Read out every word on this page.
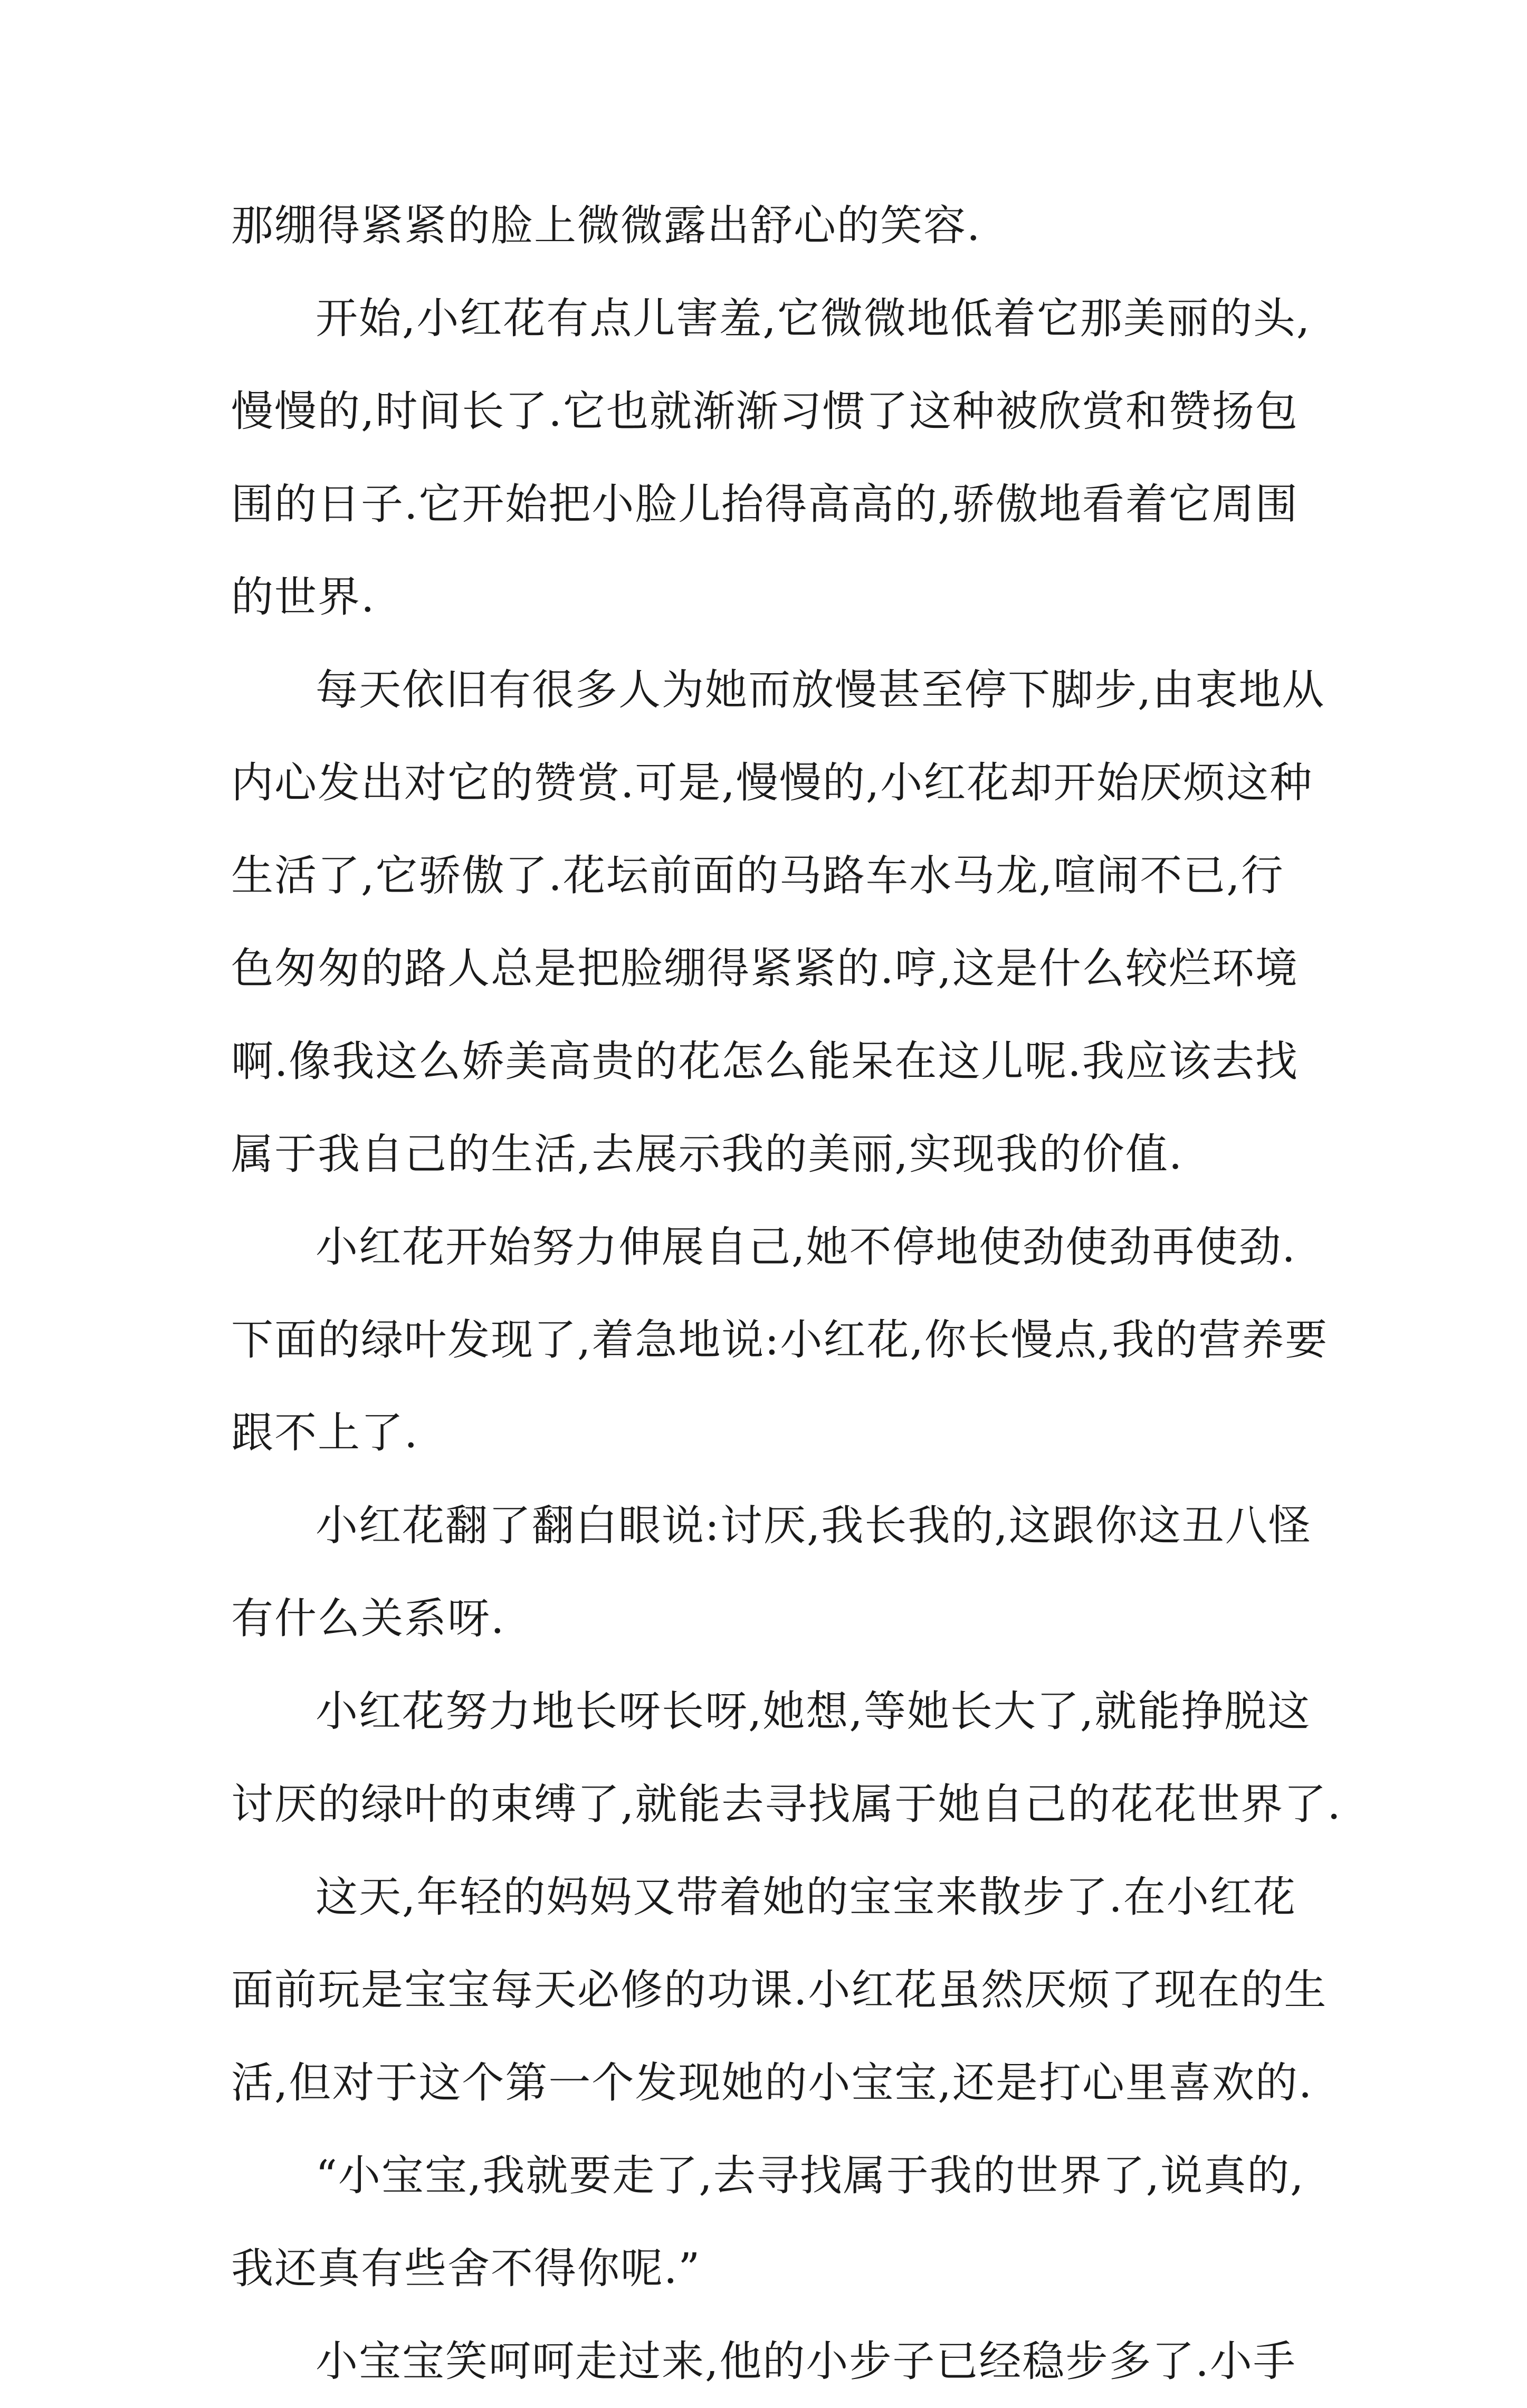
那绷得紧紧的脸上微微露出舒心的笑容.
开始,小红花有点儿害羞,它微微地低着它那美丽的头,
慢慢的,时间长了.它也就渐渐习惯了这种被欣赏和赞扬包
围的日子.它开始把小脸儿抬得高高的,骄傲地看着它周围
的世界.
每天依旧有很多人为她而放慢甚至停下脚步,由衷地从
内心发出对它的赞赏.可是,慢慢的,小红花却开始厌烦这种
生活了,它骄傲了.花坛前面的马路车水马龙,喧闹不已,行
色匆匆的路人总是把脸绷得紧紧的.哼,这是什么较烂环境
啊.像我这么娇美高贵的花怎么能呆在这儿呢.我应该去找
属于我自己的生活,去展示我的美丽,实现我的价值.
小红花开始努力伸展自己,她不停地使劲使劲再使劲.
下面的绿叶发现了,着急地说:小红花,你长慢点,我的营养要
跟不上了.
小红花翻了翻白眼说:讨厌,我长我的,这跟你这丑八怪
有什么关系呀.
小红花努力地长呀长呀,她想,等她长大了,就能挣脱这
讨厌的绿叶的束缚了,就能去寻找属于她自己的花花世界了.
这天,年轻的妈妈又带着她的宝宝来散步了.在小红花
面前玩是宝宝每天必修的功课.小红花虽然厌烦了现在的生
活,但对于这个第一个发现她的小宝宝,还是打心里喜欢的.
“小宝宝,我就要走了,去寻找属于我的世界了,说真的,
我还真有些舍不得你呢.”
小宝宝笑呵呵走过来,他的小步子已经稳步多了.小手
